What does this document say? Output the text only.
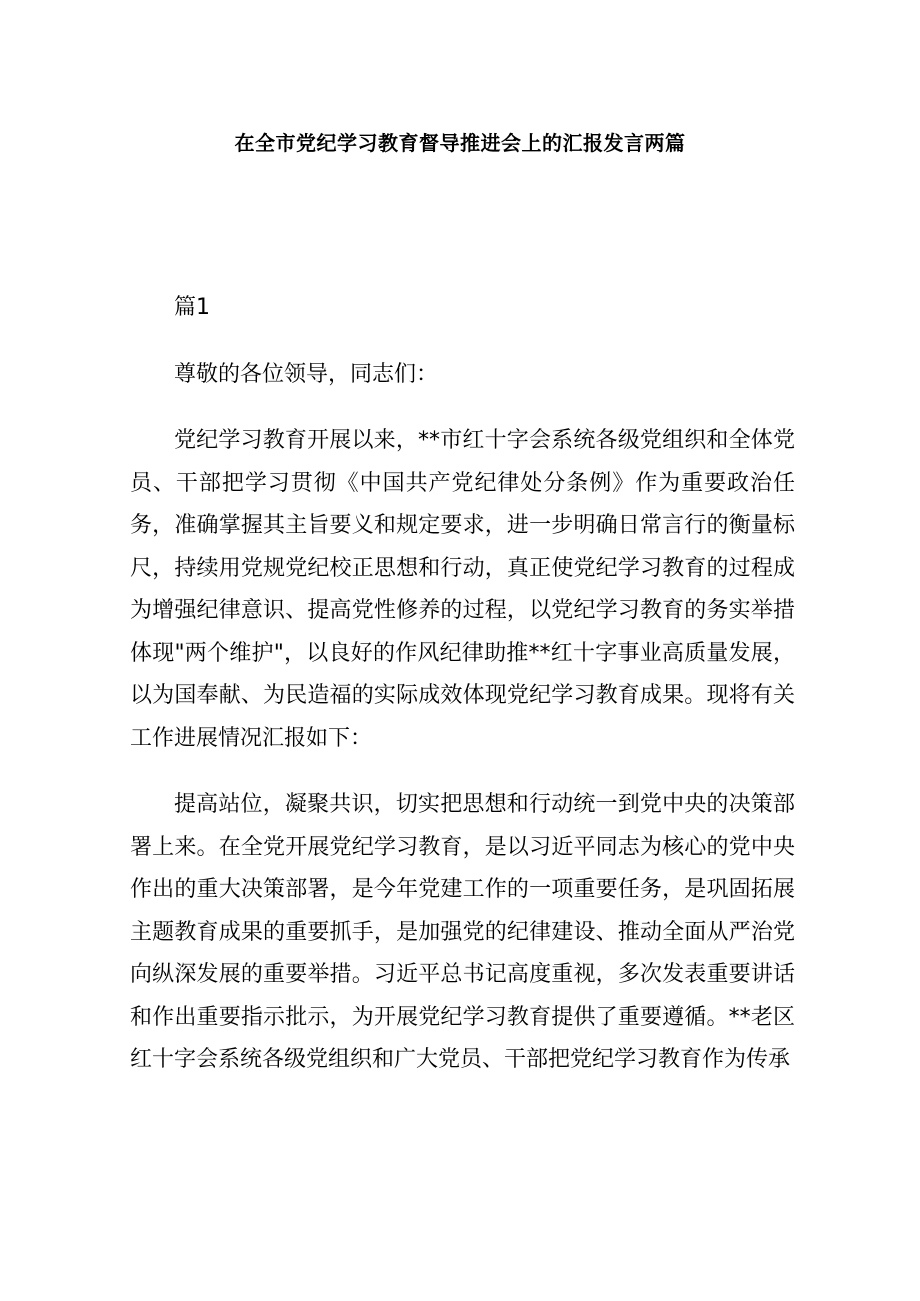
在全市党纪学习教育督导推进会上的汇报发言两篇

篇1

尊敬的各位领导，同志们：

党纪学习教育开展以来，**市红十字会系统各级党组织和全体党员、干部把学习贯彻《中国共产党纪律处分条例》作为重要政治任务，准确掌握其主旨要义和规定要求，进一步明确日常言行的衡量标尺，持续用党规党纪校正思想和行动，真正使党纪学习教育的过程成为增强纪律意识、提高党性修养的过程，以党纪学习教育的务实举措体现"两个维护"，以良好的作风纪律助推**红十字事业高质量发展，以为国奉献、为民造福的实际成效体现党纪学习教育成果。现将有关工作进展情况汇报如下：

提高站位，凝聚共识，切实把思想和行动统一到党中央的决策部署上来。在全党开展党纪学习教育，是以习近平同志为核心的党中央作出的重大决策部署，是今年党建工作的一项重要任务，是巩固拓展主题教育成果的重要抓手，是加强党的纪律建设、推动全面从严治党向纵深发展的重要举措。习近平总书记高度重视，多次发表重要讲话和作出重要指示批示，为开展党纪学习教育提供了重要遵循。**老区红十字会系统各级党组织和广大党员、干部把党纪学习教育作为传承
